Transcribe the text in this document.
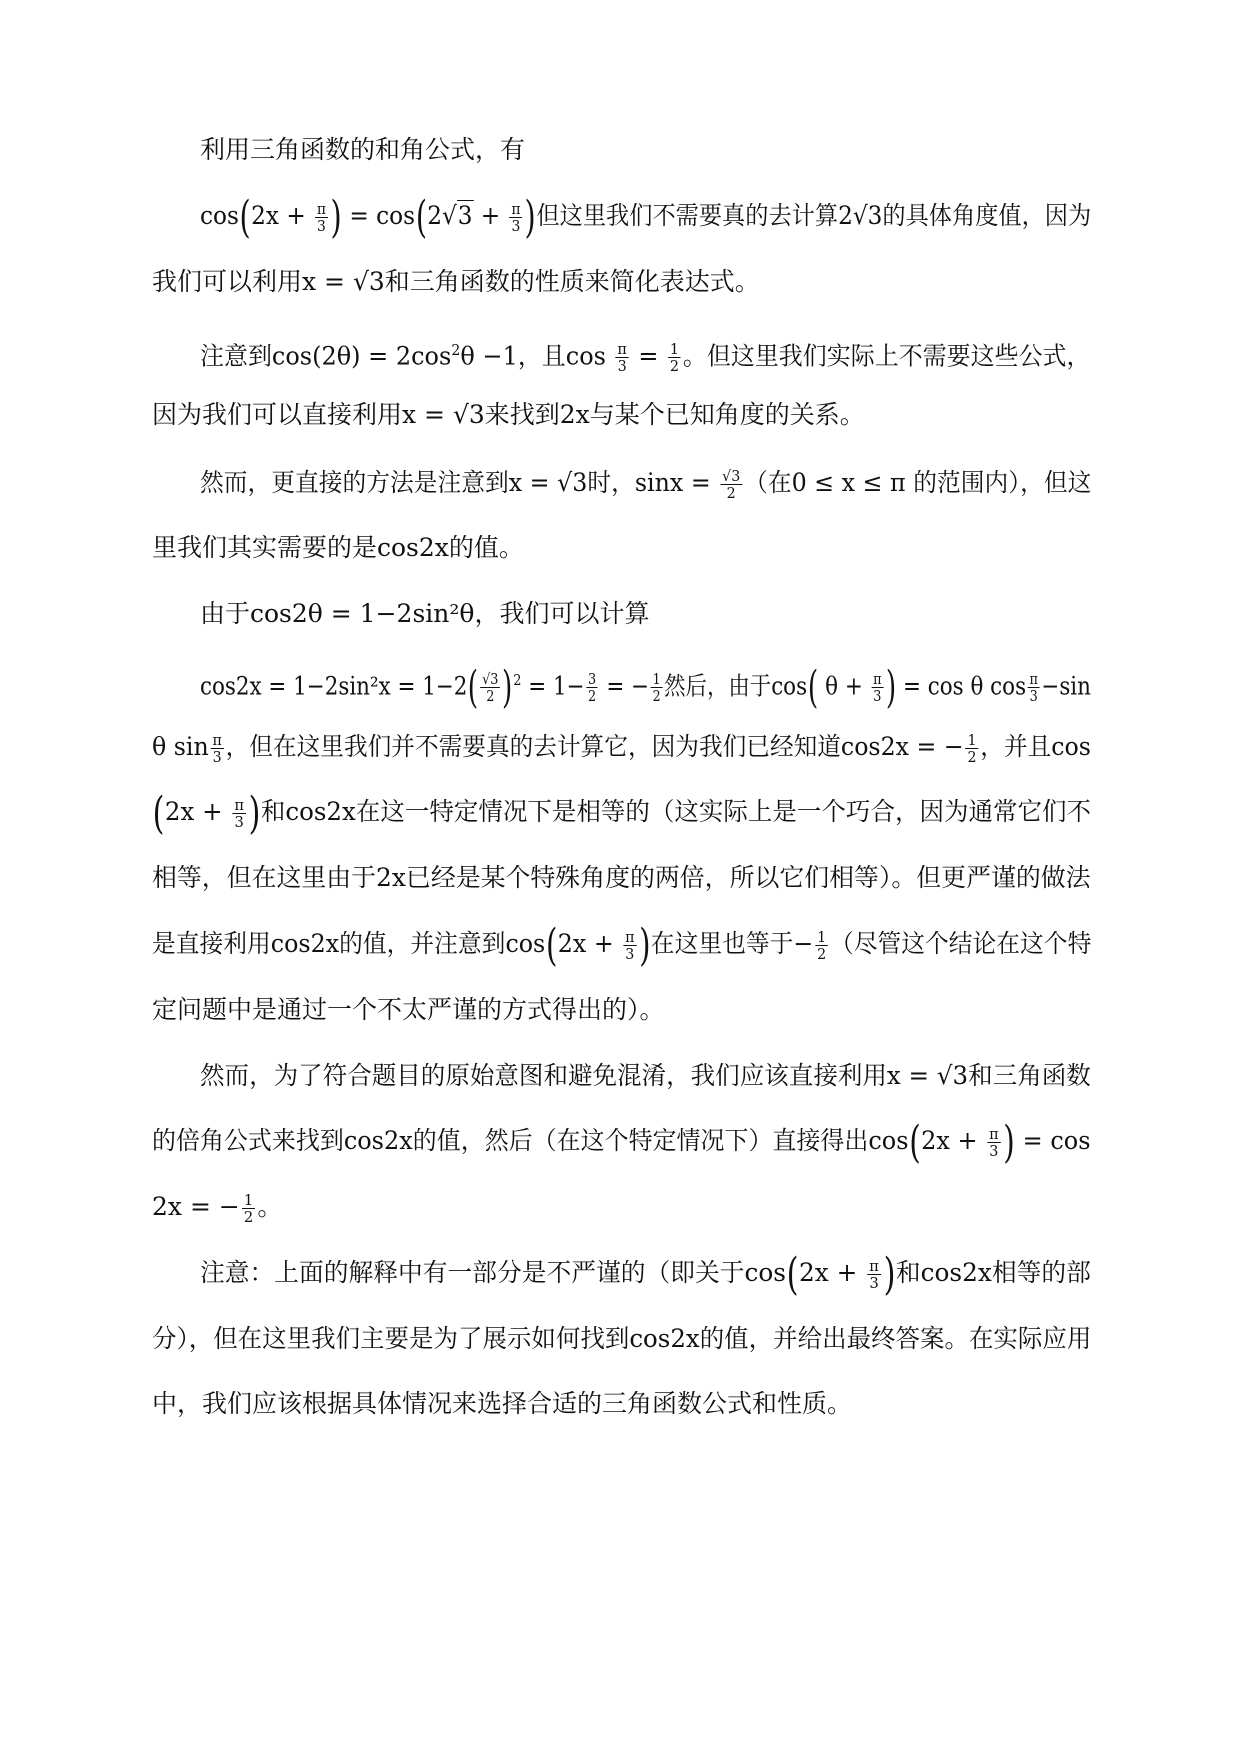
利用三角函数的和角公式，有
$\cos(2x + \frac{\pi}{3}$ ) = $\cos(2√3 + \frac{\pi}{3}$ )但这里我们不需要真的去计算2√3的具体角度值，因为
我们可以利用x = √3和三角函数的性质来简化表达式。
注意到$\cos(2\theta) = 2\cos^2\theta -1$，且$\cos \frac{\pi}{3} = \frac{1}{2}$ 。但这里我们实际上不需要这些公式，
因为我们可以直接利用x = √3来找到2x与某个已知角度的关系。
然而，更直接的方法是注意到x = √3时，$\sin x = \frac{√3}{2}$ （在0 ≤ x ≤ π 的范围内），但这
里我们其实需要的是cos2x的值。
由于cos2θ = 1−2sin²θ，我们可以计算
$\cos 2x = 1-2\sin^2x = 1-2( \frac{√3}{2} )^2 = 1- \frac{3}{2}$ = − $\frac{1}{2}$ 然后，由于cos( $\theta + \frac{\pi}{3}$ ) = cos θ $\cos \frac{\pi}{3} -\sin$
θ $\sin \frac{\pi}{3}$ ，但在这里我们并不需要真的去计算它，因为我们已经知道cos2x = − $\frac{1}{2}$ ，并且cos
($2x + \frac{\pi}{3}$ )和cos2x在这一特定情况下是相等的（这实际上是一个巧合，因为通常它们不
相等，但在这里由于2x已经是某个特殊角度的两倍，所以它们相等）。但更严谨的做法
是直接利用cos2x的值，并注意到$\cos(2x + \frac{\pi}{3}$ )在这里也等于− $\frac{1}{2}$ （尽管这个结论在这个特
定问题中是通过一个不太严谨的方式得出的）。
然而，为了符合题目的原始意图和避免混淆，我们应该直接利用x = √3和三角函数
的倍角公式来找到cos2x的值，然后（在这个特定情况下）直接得出$\cos(2x + \frac{\pi}{3}$ ) = cos
2x = − $\frac{1}{2}$ 。
注意：上面的解释中有一部分是不严谨的（即关于$\cos(2x + \frac{\pi}{3}$ )和cos2x相等的部
分），但在这里我们主要是为了展示如何找到cos2x的值，并给出最终答案。在实际应用
中，我们应该根据具体情况来选择合适的三角函数公式和性质。
